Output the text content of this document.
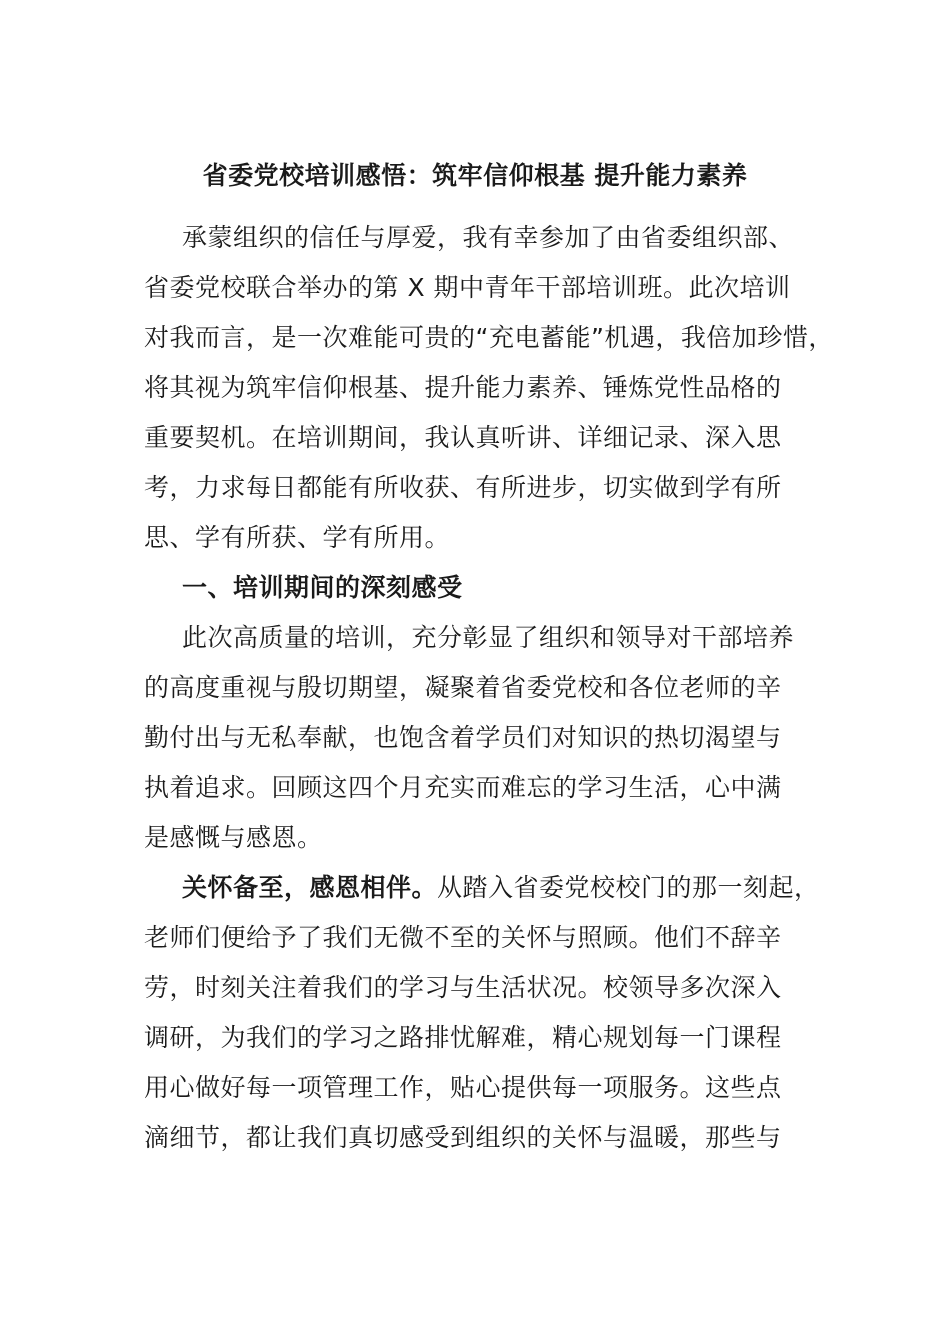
省委党校培训感悟：筑牢信仰根基 提升能力素养
承蒙组织的信任与厚爱，我有幸参加了由省委组织部、
省委党校联合举办的第 X 期中青年干部培训班。此次培训
对我而言，是一次难能可贵的“充电蓄能”机遇，我倍加珍惜，
将其视为筑牢信仰根基、提升能力素养、锤炼党性品格的
重要契机。在培训期间，我认真听讲、详细记录、深入思
考，力求每日都能有所收获、有所进步，切实做到学有所
思、学有所获、学有所用。
一、培训期间的深刻感受
此次高质量的培训，充分彰显了组织和领导对干部培养
的高度重视与殷切期望，凝聚着省委党校和各位老师的辛
勤付出与无私奉献，也饱含着学员们对知识的热切渴望与
执着追求。回顾这四个月充实而难忘的学习生活，心中满
是感慨与感恩。
关怀备至，感恩相伴。从踏入省委党校校门的那一刻起，
老师们便给予了我们无微不至的关怀与照顾。他们不辞辛
劳，时刻关注着我们的学习与生活状况。校领导多次深入
调研，为我们的学习之路排忧解难，精心规划每一门课程
用心做好每一项管理工作，贴心提供每一项服务。这些点
滴细节，都让我们真切感受到组织的关怀与温暖，那些与
